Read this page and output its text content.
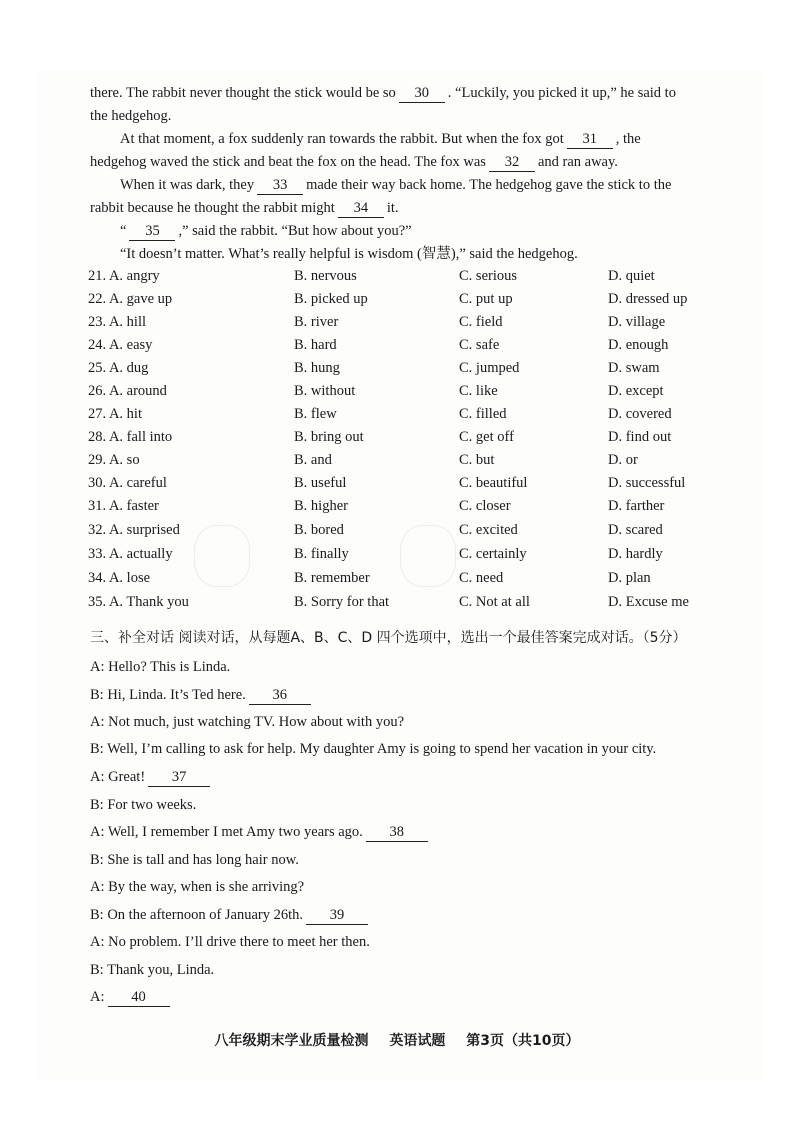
there. The rabbit never thought the stick would be so 30 . “Luckily, you picked it up,” he said to
the hedgehog.
At that moment, a fox suddenly ran towards the rabbit. But when the fox got 31 , the
hedgehog waved the stick and beat the fox on the head. The fox was 32 and ran away.
When it was dark, they 33 made their way back home. The hedgehog gave the stick to the
rabbit because he thought the rabbit might 34 it.
“ 35 ,” said the rabbit. “But how about you?”
“It doesn’t matter. What’s really helpful is wisdom (智慧),” said the hedgehog.
21. A. angry	B. nervous	C. serious	D. quiet
22. A. gave up	B. picked up	C. put up	D. dressed up
23. A. hill	B. river	C. field	D. village
24. A. easy	B. hard	C. safe	D. enough
25. A. dug	B. hung	C. jumped	D. swam
26. A. around	B. without	C. like	D. except
27. A. hit	B. flew	C. filled	D. covered
28. A. fall into	B. bring out	C. get off	D. find out
29. A. so	B. and	C. but	D. or
30. A. careful	B. useful	C. beautiful	D. successful
31. A. faster	B. higher	C. closer	D. farther
32. A. surprised	B. bored	C. excited	D. scared
33. A. actually	B. finally	C. certainly	D. hardly
34. A. lose	B. remember	C. need	D. plan
35. A. Thank you	B. Sorry for that	C. Not at all	D. Excuse me
三、补全对话 阅读对话，从每题A、B、C、D 四个选项中，选出一个最佳答案完成对话。（5分）
A: Hello? This is Linda.
B: Hi, Linda. It’s Ted here. 36
A: Not much, just watching TV. How about with you?
B: Well, I’m calling to ask for help. My daughter Amy is going to spend her vacation in your city.
A: Great! 37
B: For two weeks.
A: Well, I remember I met Amy two years ago. 38
B: She is tall and has long hair now.
A: By the way, when is she arriving?
B: On the afternoon of January 26th. 39
A: No problem. I’ll drive there to meet her then.
B: Thank you, Linda.
A: 40
八年级期末学业质量检测 英语试题 第3页（共10页）
